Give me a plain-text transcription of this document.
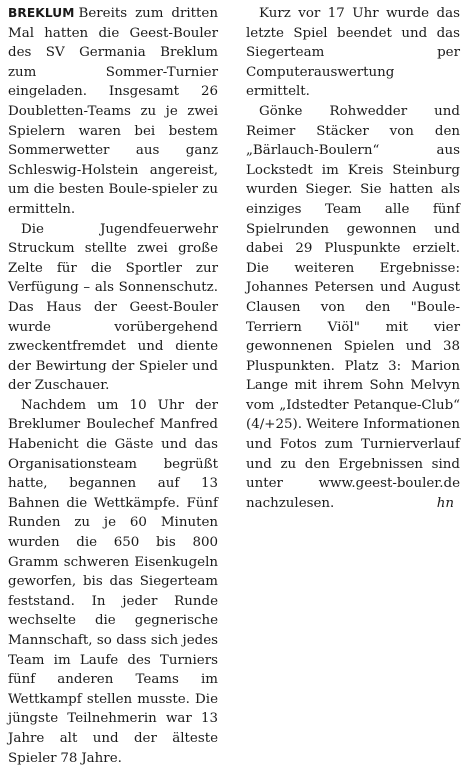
BREKLUM Bereits zum dritten Mal hatten die Geest-Bouler des SV Germania Breklum zum Sommer-Turnier eingeladen. Insgesamt 26 Doubletten-Teams zu je zwei Spielern waren bei bestem Sommerwetter aus ganz Schleswig-Holstein angereist, um die besten Boule-spieler zu ermitteln.

Die Jugendfeuerwehr Struckum stellte zwei große Zelte für die Sportler zur Verfügung – als Sonnenschutz. Das Haus der Geest-Bouler wurde vorübergehend zweckentfremdet und diente der Bewirtung der Spieler und der Zuschauer.

Nachdem um 10 Uhr der Breklumer Boulechef Manfred Habenicht die Gäste und das Organisationsteam begrüßt hatte, begannen auf 13 Bahnen die Wettkämpfe. Fünf Runden zu je 60 Minuten wurden die 650 bis 800 Gramm schweren Eisenkugeln geworfen, bis das Siegerteam feststand. In jeder Runde wechselte die gegnerische Mannschaft, so dass sich jedes Team im Laufe des Turniers fünf anderen Teams im Wettkampf stellen musste. Die jüngste Teilnehmerin war 13 Jahre alt und der älteste Spieler 78 Jahre.

Kurz vor 17 Uhr wurde das letzte Spiel beendet und das Siegerteam per Computerauswertung ermittelt.

Gönke Rohwedder und Reimer Stäcker von den „Bärlauch-Boulern“ aus Lockstedt im Kreis Steinburg wurden Sieger. Sie hatten als einziges Team alle fünf Spielrunden gewonnen und dabei 29 Pluspunkte erzielt. Die weiteren Ergebnisse: Johannes Petersen und August Clausen von den "Boule-Terriern Viöl" mit vier gewonnenen Spielen und 38 Pluspunkten. Platz 3: Marion Lange mit ihrem Sohn Melvyn vom „Idstedter Petanque-Club“ (4/+25). Weitere Informationen und Fotos zum Turnierverlauf und zu den Ergebnissen sind unter www.geest-bouler.de nachzulesen.	hn
